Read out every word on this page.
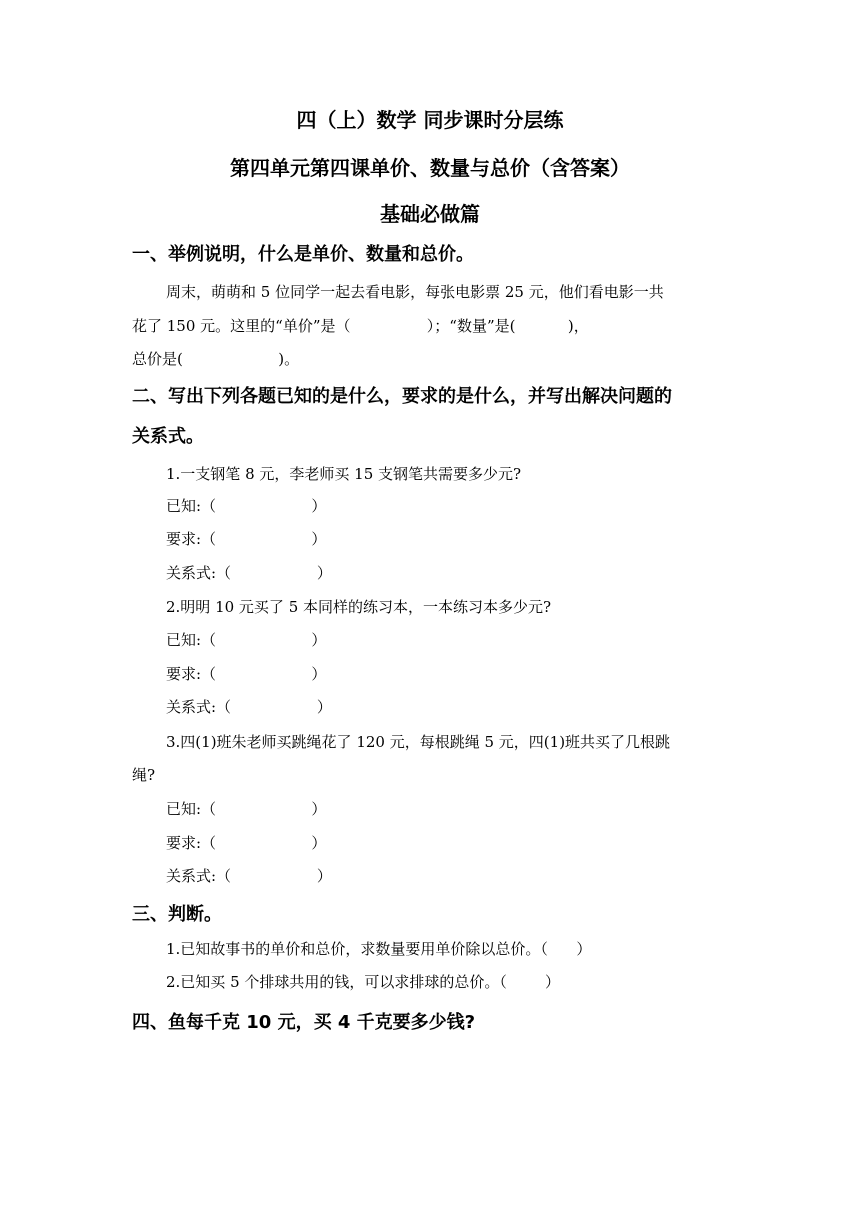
四（上）数学 同步课时分层练
第四单元第四课单价、数量与总价（含答案）
基础必做篇
一、举例说明，什么是单价、数量和总价。
周末，萌萌和 5 位同学一起去看电影，每张电影票 25 元，他们看电影一共
花了 150 元。这里的“单价”是（                ）；“数量”是(           )，
总价是(                    )。
二、写出下列各题已知的是什么，要求的是什么，并写出解决问题的
关系式。
1.一支钢笔 8 元，李老师买 15 支钢笔共需要多少元?
已知:（                    ）
要求:（                    ）
关系式:（                  ）
2.明明 10 元买了 5 本同样的练习本，一本练习本多少元?
已知:（                    ）
要求:（                    ）
关系式:（                  ）
3.四(1)班朱老师买跳绳花了 120 元，每根跳绳 5 元，四(1)班共买了几根跳
绳?
已知:（                    ）
要求:（                    ）
关系式:（                  ）
三、判断。
1.已知故事书的单价和总价，求数量要用单价除以总价。（      ）
2.已知买 5 个排球共用的钱，可以求排球的总价。（        ）
四、鱼每千克 10 元，买 4 千克要多少钱?
